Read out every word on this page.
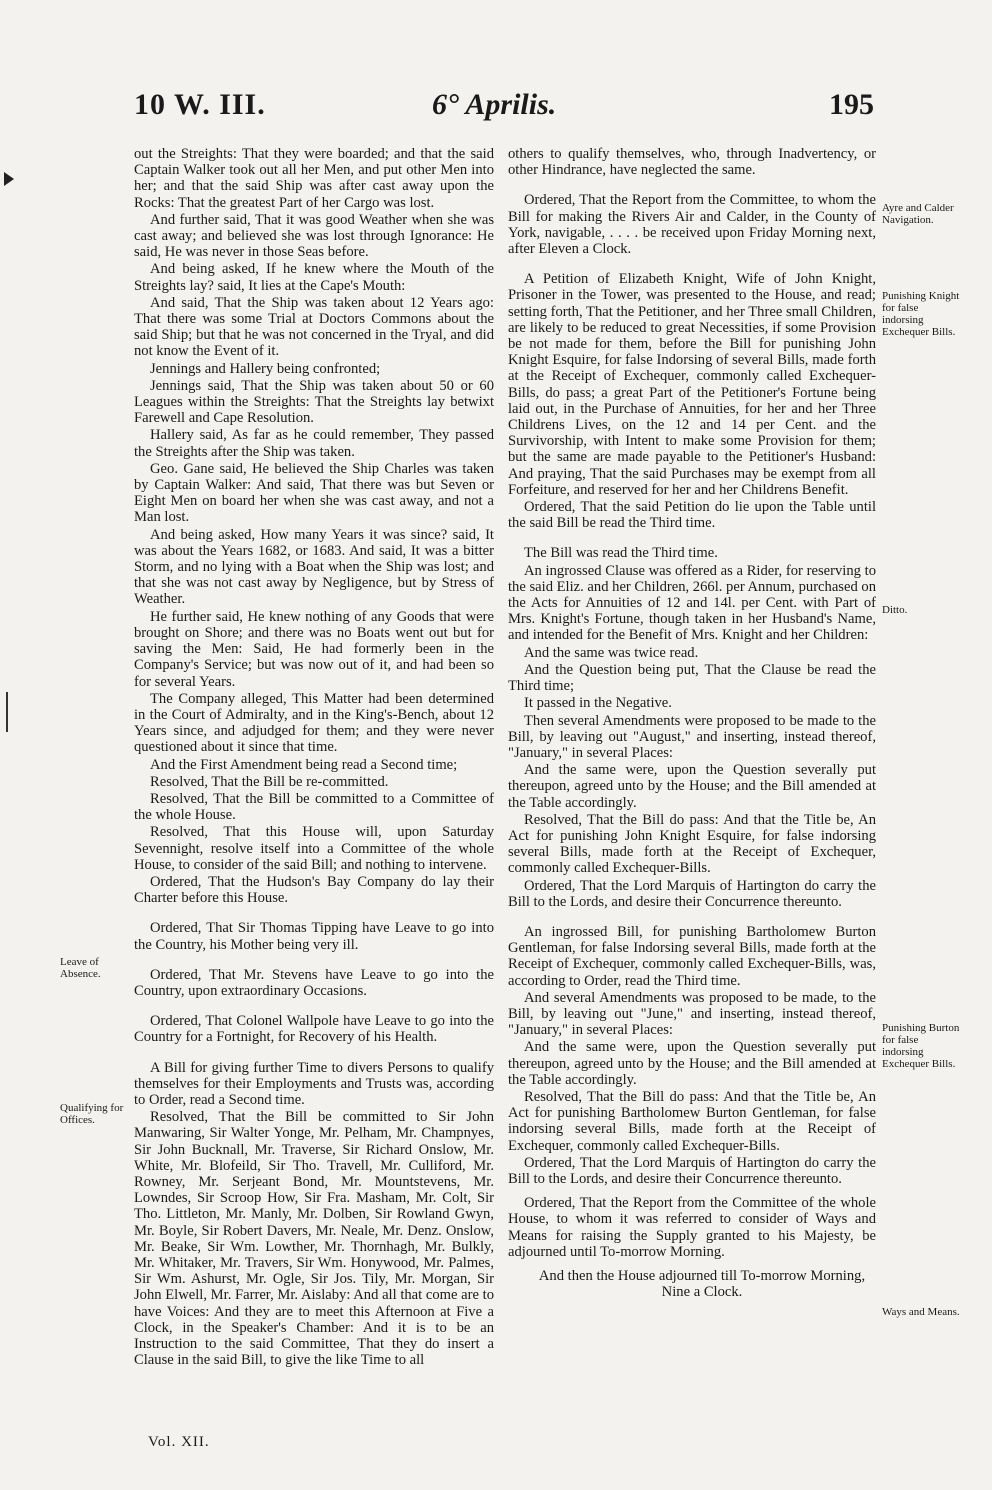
10 W. III.	6° Aprilis.	195

out the Streights: That they were boarded; and that the said Captain Walker took out all her Men, and put other Men into her; and that the said Ship was after cast away upon the Rocks: That the greatest Part of her Cargo was lost.

And further said, That it was good Weather when she was cast away; and believed she was lost through Ignorance: He said, He was never in those Seas before.

And being asked, If he knew where the Mouth of the Streights lay? said, It lies at the Cape's Mouth:

And said, That the Ship was taken about 12 Years ago: That there was some Trial at Doctors Commons about the said Ship; but that he was not concerned in the Tryal, and did not know the Event of it.

Jennings and Hallery being confronted;

Jennings said, That the Ship was taken about 50 or 60 Leagues within the Streights: That the Streights lay betwixt Farewell and Cape Resolution.

Hallery said, As far as he could remember, They passed the Streights after the Ship was taken.

Geo. Gane said, He believed the Ship Charles was taken by Captain Walker: And said, That there was but Seven or Eight Men on board her when she was cast away, and not a Man lost.

And being asked, How many Years it was since? said, It was about the Years 1682, or 1683. And said, It was a bitter Storm, and no lying with a Boat when the Ship was lost; and that she was not cast away by Negligence, but by Stress of Weather.

He further said, He knew nothing of any Goods that were brought on Shore; and there was no Boats went out but for saving the Men: Said, He had formerly been in the Company's Service; but was now out of it, and had been so for several Years.

The Company alleged, This Matter had been determined in the Court of Admiralty, and in the King's-Bench, about 12 Years since, and adjudged for them; and they were never questioned about it since that time.

And the First Amendment being read a Second time;

Resolved, That the Bill be re-committed.

Resolved, That the Bill be committed to a Committee of the whole House.

Resolved, That this House will, upon Saturday Sevennight, resolve itself into a Committee of the whole House, to consider of the said Bill; and nothing to intervene.

Ordered, That the Hudson's Bay Company do lay their Charter before this House.

Ordered, That Sir Thomas Tipping have Leave to go into the Country, his Mother being very ill.

Ordered, That Mr. Stevens have Leave to go into the Country, upon extraordinary Occasions.

Ordered, That Colonel Wallpole have Leave to go into the Country for a Fortnight, for Recovery of his Health.

A Bill for giving further Time to divers Persons to qualify themselves for their Employments and Trusts was, according to Order, read a Second time.

Resolved, That the Bill be committed to Sir John Manwaring, Sir Walter Yonge, Mr. Pelham, Mr. Champnyes, Sir John Bucknall, Mr. Traverse, Sir Richard Onslow, Mr. White, Mr. Blofeild, Sir Tho. Travell, Mr. Culliford, Mr. Rowney, Mr. Serjeant Bond, Mr. Mountstevens, Mr. Lowndes, Sir Scroop How, Sir Fra. Masham, Mr. Colt, Sir Tho. Littleton, Mr. Manly, Mr. Dolben, Sir Rowland Gwyn, Mr. Boyle, Sir Robert Davers, Mr. Neale, Mr. Denz. Onslow, Mr. Beake, Sir Wm. Lowther, Mr. Thornhagh, Mr. Bulkly, Mr. Whitaker, Mr. Travers, Sir Wm. Honywood, Mr. Palmes, Sir Wm. Ashurst, Mr. Ogle, Sir Jos. Tily, Mr. Morgan, Sir John Elwell, Mr. Farrer, Mr. Aislaby: And all that come are to have Voices: And they are to meet this Afternoon at Five a Clock, in the Speaker's Chamber: And it is to be an Instruction to the said Committee, That they do insert a Clause in the said Bill, to give the like Time to all

others to qualify themselves, who, through Inadvertency, or other Hindrance, have neglected the same.

Ordered, That the Report from the Committee, to whom the Bill for making the Rivers Air and Calder, in the County of York, navigable, . . . . be received upon Friday Morning next, after Eleven a Clock.

A Petition of Elizabeth Knight, Wife of John Knight, Prisoner in the Tower, was presented to the House, and read; setting forth, That the Petitioner, and her Three small Children, are likely to be reduced to great Necessities, if some Provision be not made for them, before the Bill for punishing John Knight Esquire, for false Indorsing of several Bills, made forth at the Receipt of Exchequer, commonly called Exchequer-Bills, do pass; a great Part of the Petitioner's Fortune being laid out, in the Purchase of Annuities, for her and her Three Childrens Lives, on the 12 and 14 per Cent. and the Survivorship, with Intent to make some Provision for them; but the same are made payable to the Petitioner's Husband: And praying, That the said Purchases may be exempt from all Forfeiture, and reserved for her and her Childrens Benefit.

Ordered, That the said Petition do lie upon the Table until the said Bill be read the Third time.

The Bill was read the Third time.

An ingrossed Clause was offered as a Rider, for reserving to the said Eliz. and her Children, 266l. per Annum, purchased on the Acts for Annuities of 12 and 14l. per Cent. with Part of Mrs. Knight's Fortune, though taken in her Husband's Name, and intended for the Benefit of Mrs. Knight and her Children:

And the same was twice read.

And the Question being put, That the Clause be read the Third time;

It passed in the Negative.

Then several Amendments were proposed to be made to the Bill, by leaving out "August," and inserting, instead thereof, "January," in several Places:

And the same were, upon the Question severally put thereupon, agreed unto by the House; and the Bill amended at the Table accordingly.

Resolved, That the Bill do pass: And that the Title be, An Act for punishing John Knight Esquire, for false indorsing several Bills, made forth at the Receipt of Exchequer, commonly called Exchequer-Bills.

Ordered, That the Lord Marquis of Hartington do carry the Bill to the Lords, and desire their Concurrence thereunto.

An ingrossed Bill, for punishing Bartholomew Burton Gentleman, for false Indorsing several Bills, made forth at the Receipt of Exchequer, commonly called Exchequer-Bills, was, according to Order, read the Third time.

And several Amendments was proposed to be made, to the Bill, by leaving out "June," and inserting, instead thereof, "January," in several Places:

And the same were, upon the Question severally put thereupon, agreed unto by the House; and the Bill amended at the Table accordingly.

Resolved, That the Bill do pass: And that the Title be, An Act for punishing Bartholomew Burton Gentleman, for false indorsing several Bills, made forth at the Receipt of Exchequer, commonly called Exchequer-Bills.

Ordered, That the Lord Marquis of Hartington do carry the Bill to the Lords, and desire their Concurrence thereunto.

Ordered, That the Report from the Committee of the whole House, to whom it was referred to consider of Ways and Means for raising the Supply granted to his Majesty, be adjourned until To-morrow Morning.

And then the House adjourned till To-morrow Morning, Nine a Clock.

Leave of Absence.
Qualifying for Offices.
Ayre and Calder Navigation.
Punishing Knight for false indorsing Exchequer Bills.
Ditto.
Punishing Burton for false indorsing Exchequer Bills.
Ways and Means.
Vol. XII.
